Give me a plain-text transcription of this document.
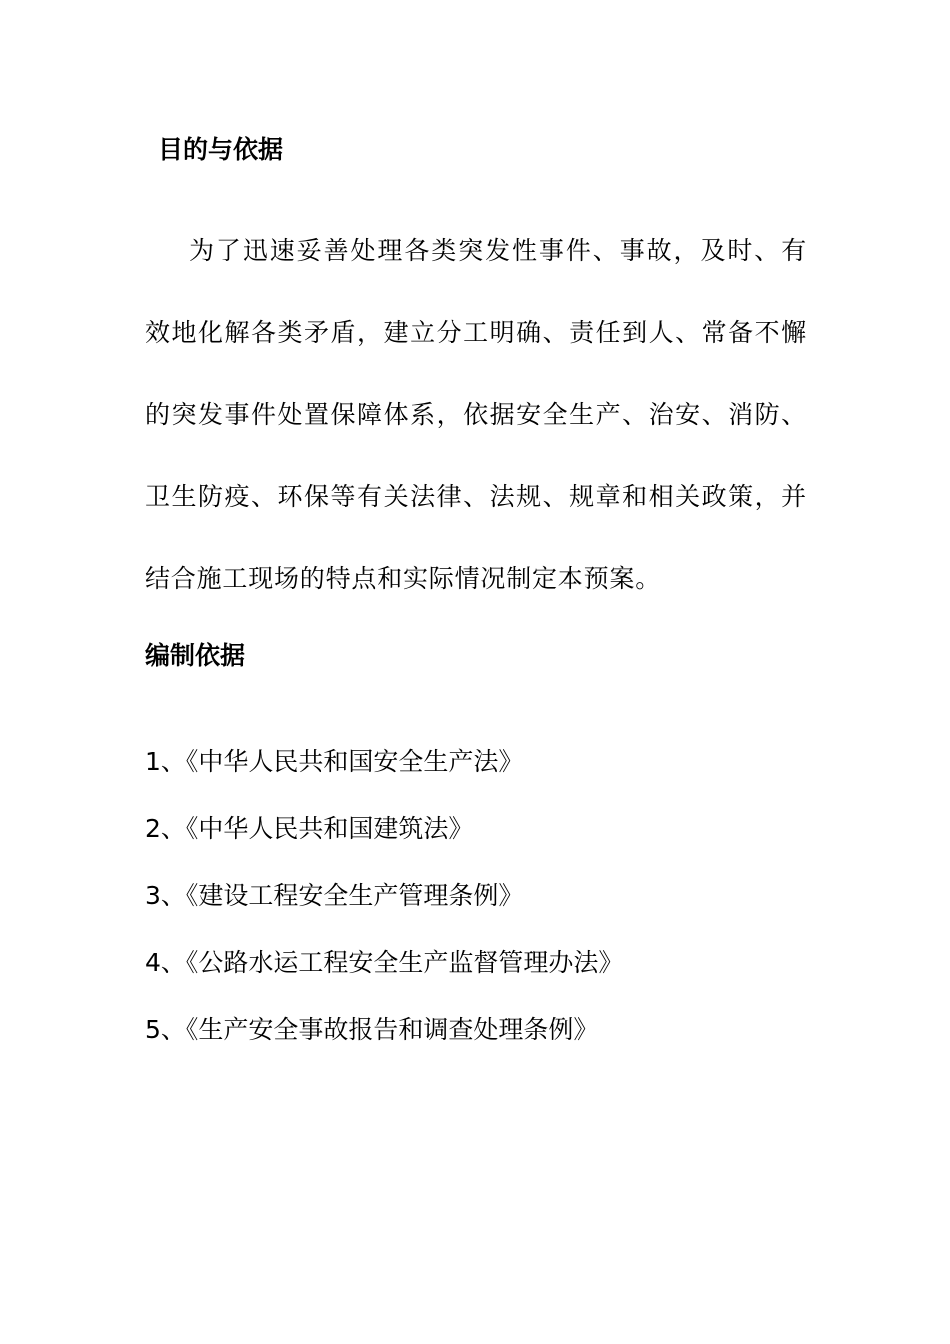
目的与依据

为了迅速妥善处理各类突发性事件、事故，及时、有效地化解各类矛盾，建立分工明确、责任到人、常备不懈的突发事件处置保障体系，依据安全生产、治安、消防、卫生防疫、环保等有关法律、法规、规章和相关政策，并结合施工现场的特点和实际情况制定本预案。

编制依据
1、《中华人民共和国安全生产法》
2、《中华人民共和国建筑法》
3、《建设工程安全生产管理条例》
4、《公路水运工程安全生产监督管理办法》
5、《生产安全事故报告和调查处理条例》
